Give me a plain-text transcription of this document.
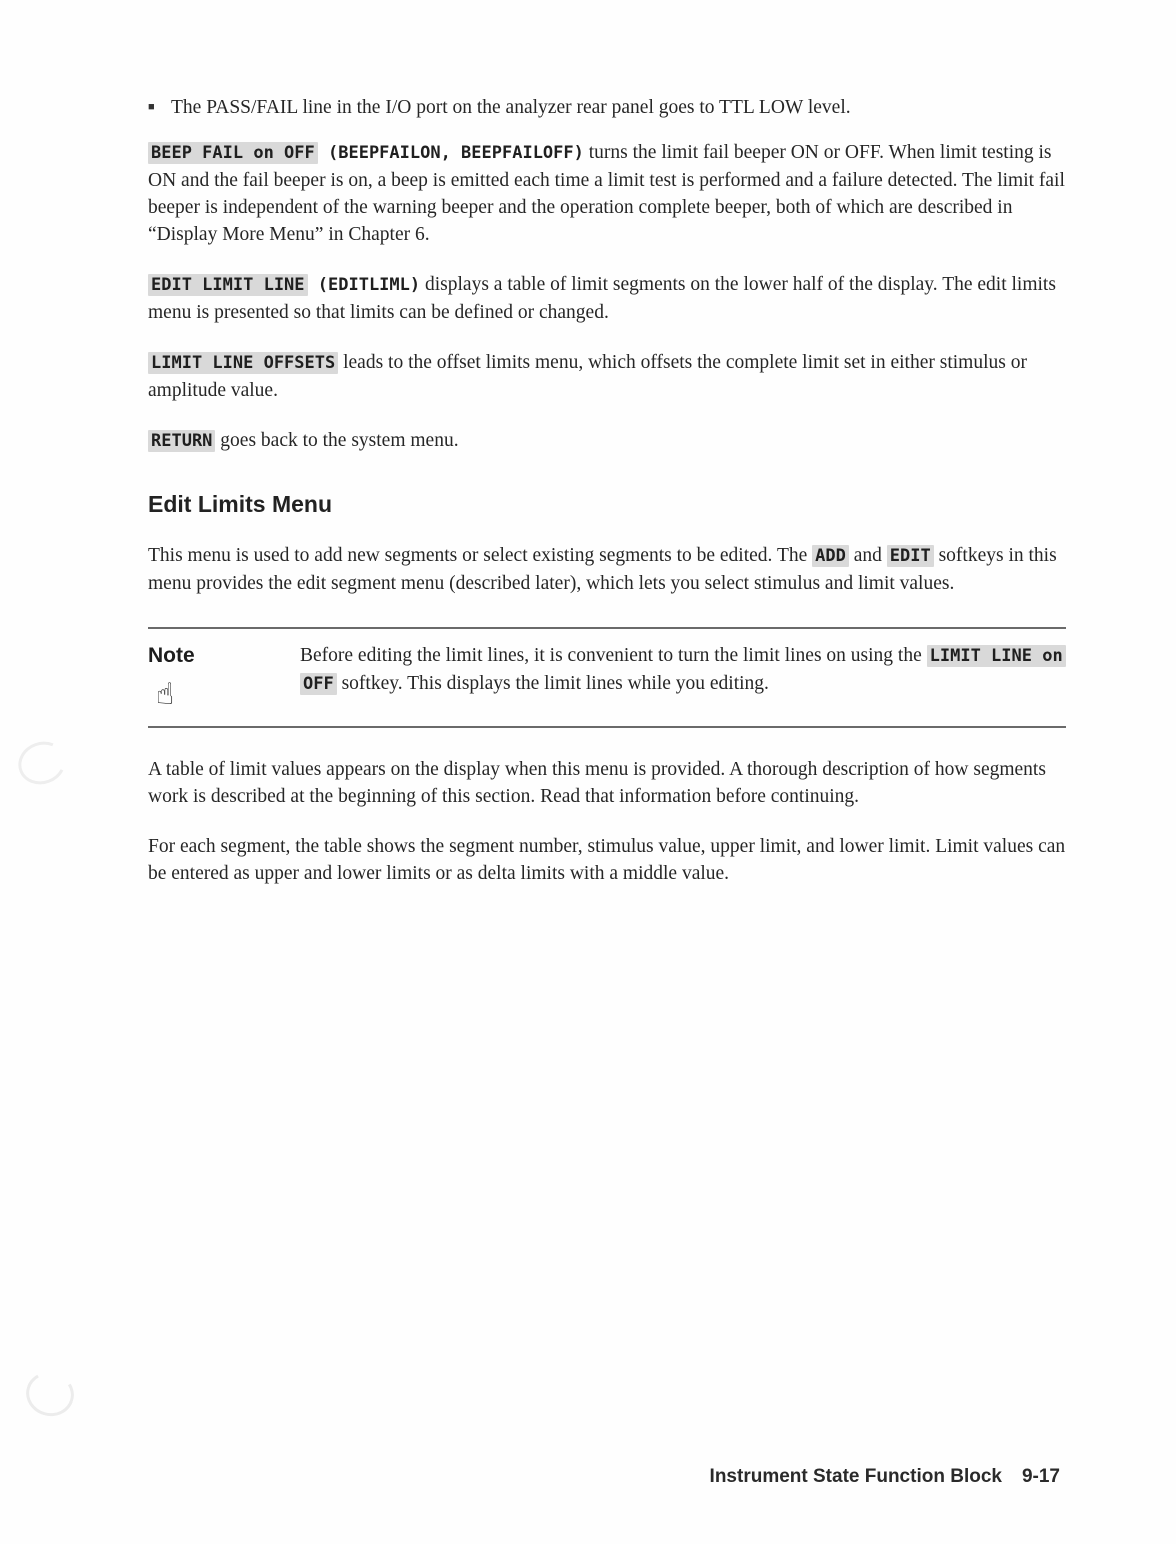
■ The PASS/FAIL line in the I/O port on the analyzer rear panel goes to TTL LOW level.

BEEP FAIL on OFF (BEEPFAILON, BEEPFAILOFF) turns the limit fail beeper ON or OFF. When limit testing is ON and the fail beeper is on, a beep is emitted each time a limit test is performed and a failure detected. The limit fail beeper is independent of the warning beeper and the operation complete beeper, both of which are described in “Display More Menu” in Chapter 6.

EDIT LIMIT LINE (EDITLIML) displays a table of limit segments on the lower half of the display. The edit limits menu is presented so that limits can be defined or changed.

LIMIT LINE OFFSETS leads to the offset limits menu, which offsets the complete limit set in either stimulus or amplitude value.

RETURN goes back to the system menu.

Edit Limits Menu

This menu is used to add new segments or select existing segments to be edited. The ADD and EDIT softkeys in this menu provides the edit segment menu (described later), which lets you select stimulus and limit values.

Note
☝
Before editing the limit lines, it is convenient to turn the limit lines on using the LIMIT LINE on OFF softkey. This displays the limit lines while you editing.

A table of limit values appears on the display when this menu is provided. A thorough description of how segments work is described at the beginning of this section. Read that information before continuing.

For each segment, the table shows the segment number, stimulus value, upper limit, and lower limit. Limit values can be entered as upper and lower limits or as delta limits with a middle value.

Instrument State Function Block 9-17
